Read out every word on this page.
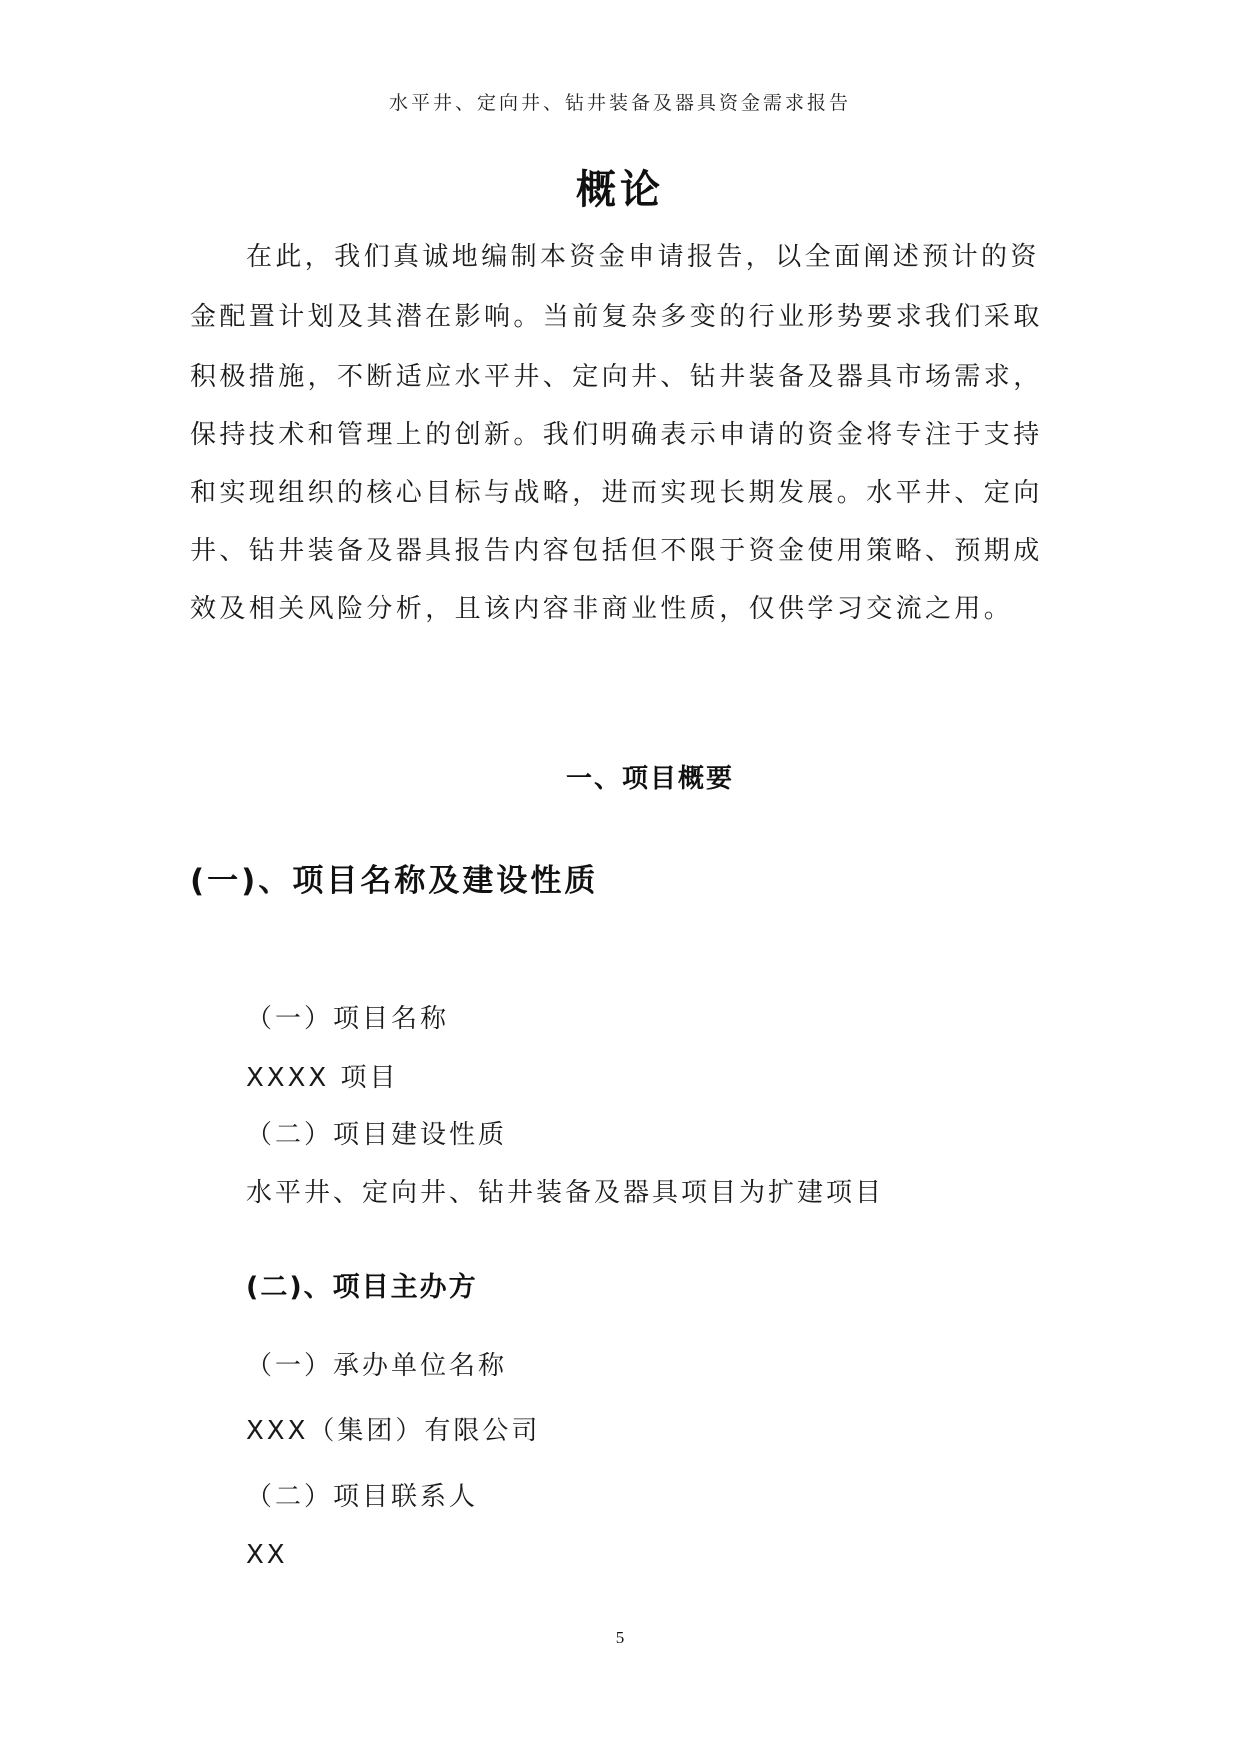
水平井、定向井、钻井装备及器具资金需求报告
概论
在此，我们真诚地编制本资金申请报告，以全面阐述预计的资
金配置计划及其潜在影响。当前复杂多变的行业形势要求我们采取
积极措施，不断适应水平井、定向井、钻井装备及器具市场需求，
保持技术和管理上的创新。我们明确表示申请的资金将专注于支持
和实现组织的核心目标与战略，进而实现长期发展。水平井、定向
井、钻井装备及器具报告内容包括但不限于资金使用策略、预期成
效及相关风险分析，且该内容非商业性质，仅供学习交流之用。
一、项目概要
(一)、项目名称及建设性质
（一）项目名称
XXXX 项目
（二）项目建设性质
水平井、定向井、钻井装备及器具项目为扩建项目
(二)、项目主办方
（一）承办单位名称
XXX（集团）有限公司
（二）项目联系人
XX
5
